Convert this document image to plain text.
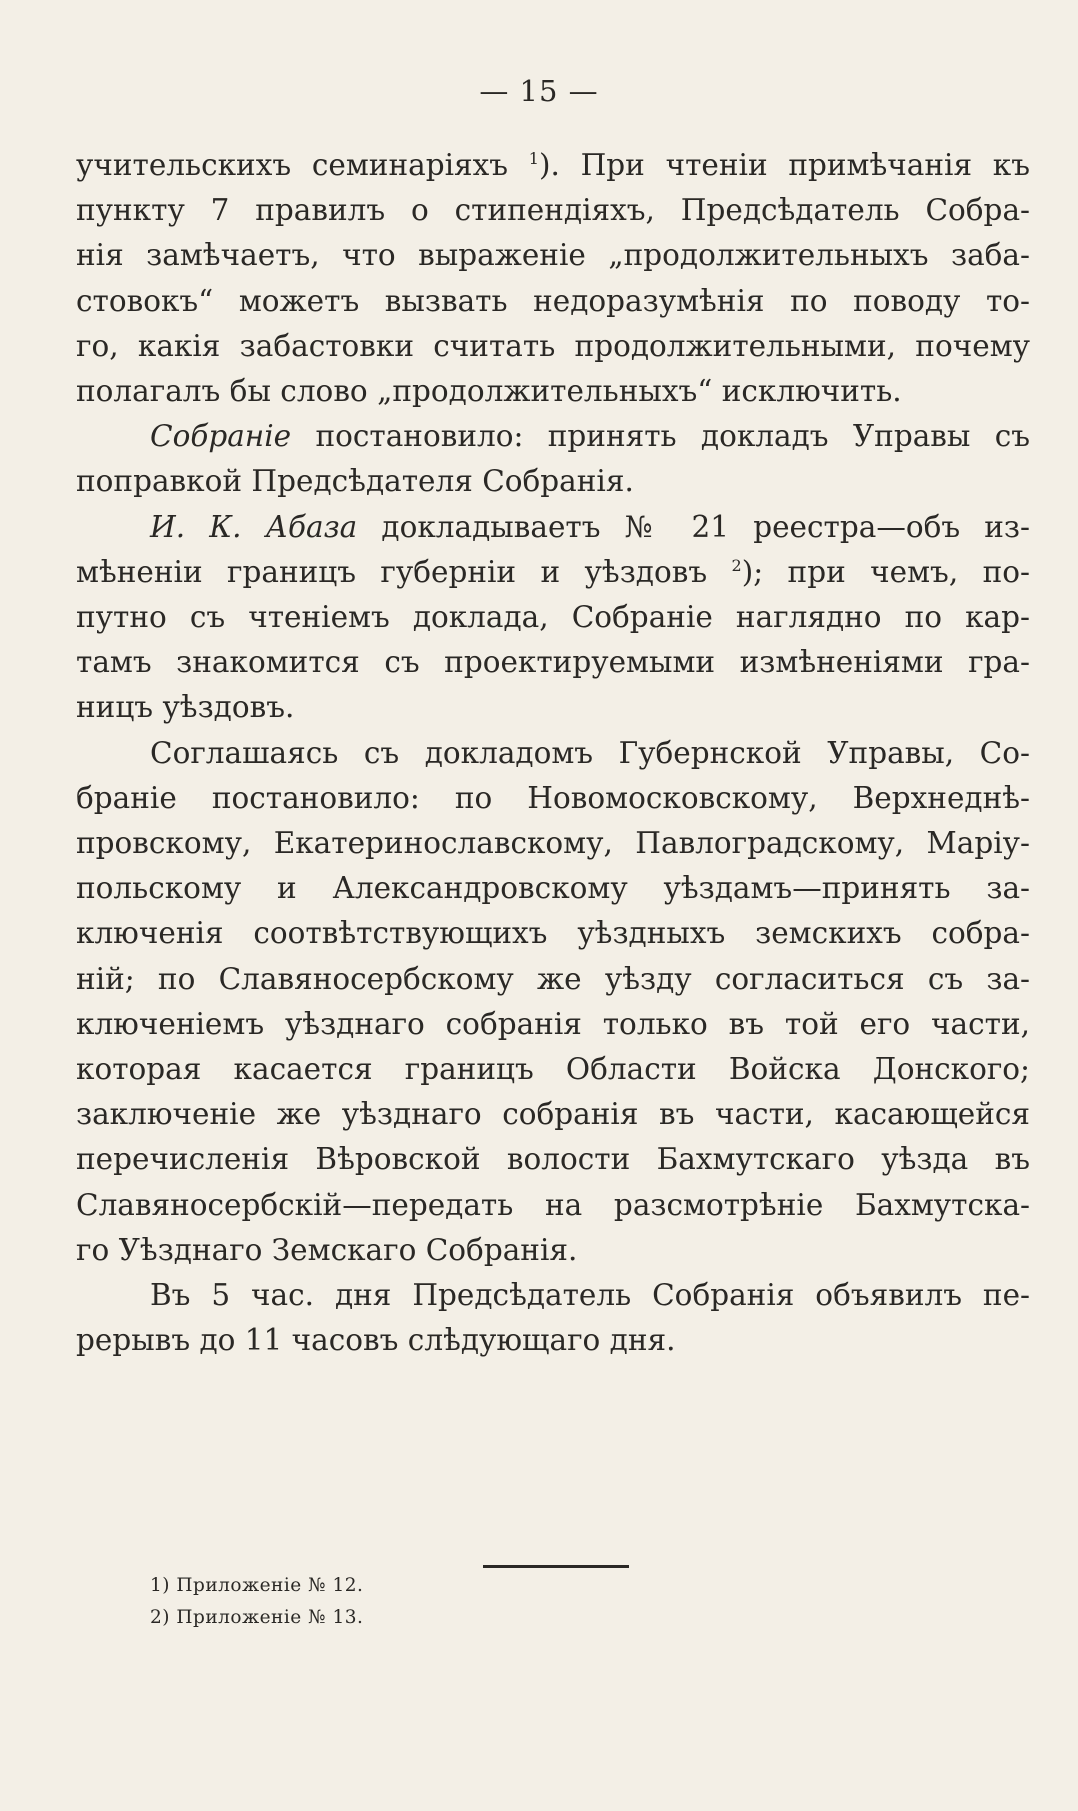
— 15 —
учительскихъ семинаріяхъ $^1$). При чтеніи примѣчанія къ
пункту 7 правилъ о стипендіяхъ, Предсѣдатель Собра-
нія замѣчаетъ, что выраженіе „продолжительныхъ заба-
стовокъ“ можетъ вызвать недоразумѣнія по поводу то-
го, какія забастовки считать продолжительными, почему
полагалъ бы слово „продолжительныхъ“ исключить.
Собраніе постановило: принять докладъ Управы съ
поправкой Предсѣдателя Собранія.
И. К. Абаза докладываетъ № 21 реестра—объ из-
мѣненіи границъ губерніи и уѣздовъ $^2$); при чемъ, по-
путно съ чтеніемъ доклада, Собраніе наглядно по кар-
тамъ знакомится съ проектируемыми измѣненіями гра-
ницъ уѣздовъ.
Соглашаясь съ докладомъ Губернской Управы, Со-
браніе постановило: по Новомосковскому, Верхнеднѣ-
провскому, Екатеринославскому, Павлоградскому, Маріу-
польскому и Александровскому уѣздамъ—принять за-
ключенія соотвѣтствующихъ уѣздныхъ земскихъ собра-
ній; по Славяносербскому же уѣзду согласиться съ за-
ключеніемъ уѣзднаго собранія только въ той его части,
которая касается границъ Области Войска Донского;
заключеніе же уѣзднаго собранія въ части, касающейся
перечисленія Вѣровской волости Бахмутскаго уѣзда въ
Славяносербскій—передать на разсмотрѣніе Бахмутска-
го Уѣзднаго Земскаго Собранія.
Въ 5 час. дня Предсѣдатель Собранія объявилъ пе-
рерывъ до 11 часовъ слѣдующаго дня.
1) Приложеніе № 12.
2) Приложеніе № 13.
